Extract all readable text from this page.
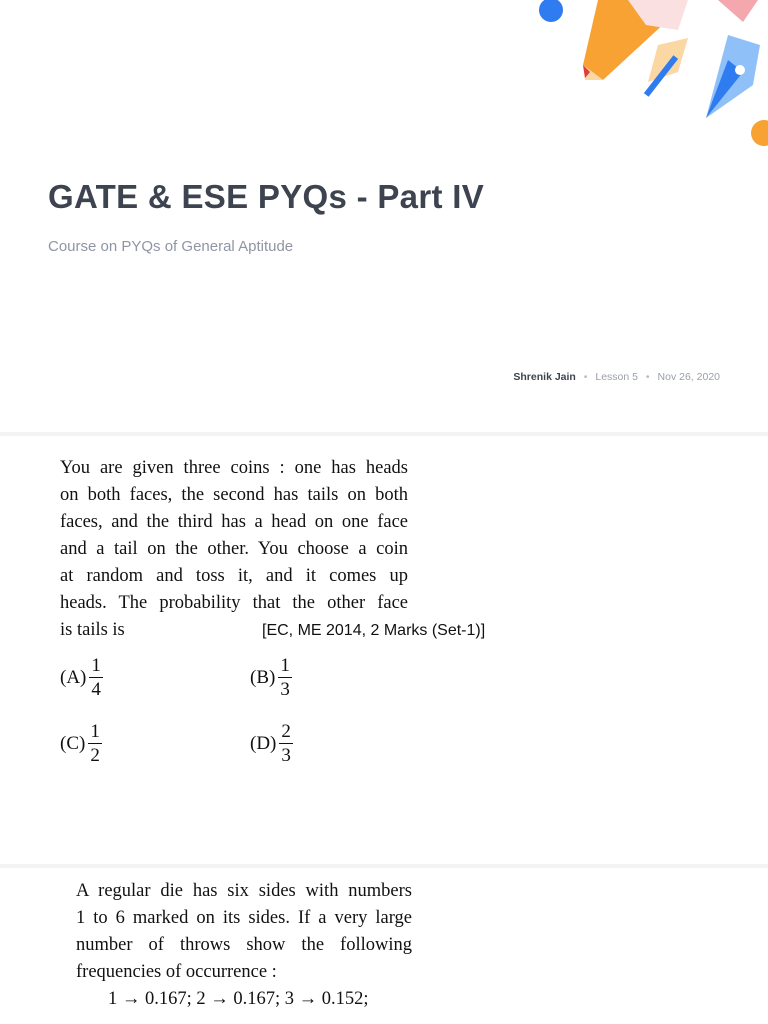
GATE & ESE PYQs - Part IV
Course on PYQs of General Aptitude
Shrenik Jain • Lesson 5 • Nov 26, 2020
You are given three coins : one has heads
on both faces, the second has tails on both
faces, and the third has a head on one face
and a tail on the other. You choose a coin
at random and toss it, and it comes up
heads. The probability that the other face
is tails is	[EC, ME 2014, 2 Marks (Set-1)]
$(A) \frac{1}{4}$	$(B) \frac{1}{3}$
$(C) \frac{1}{2}$	$(D) \frac{2}{3}$
A regular die has six sides with numbers
1 to 6 marked on its sides. If a very large
number of throws show the following
frequencies of occurrence :
1 → 0.167; 2 → 0.167; 3 → 0.152;
